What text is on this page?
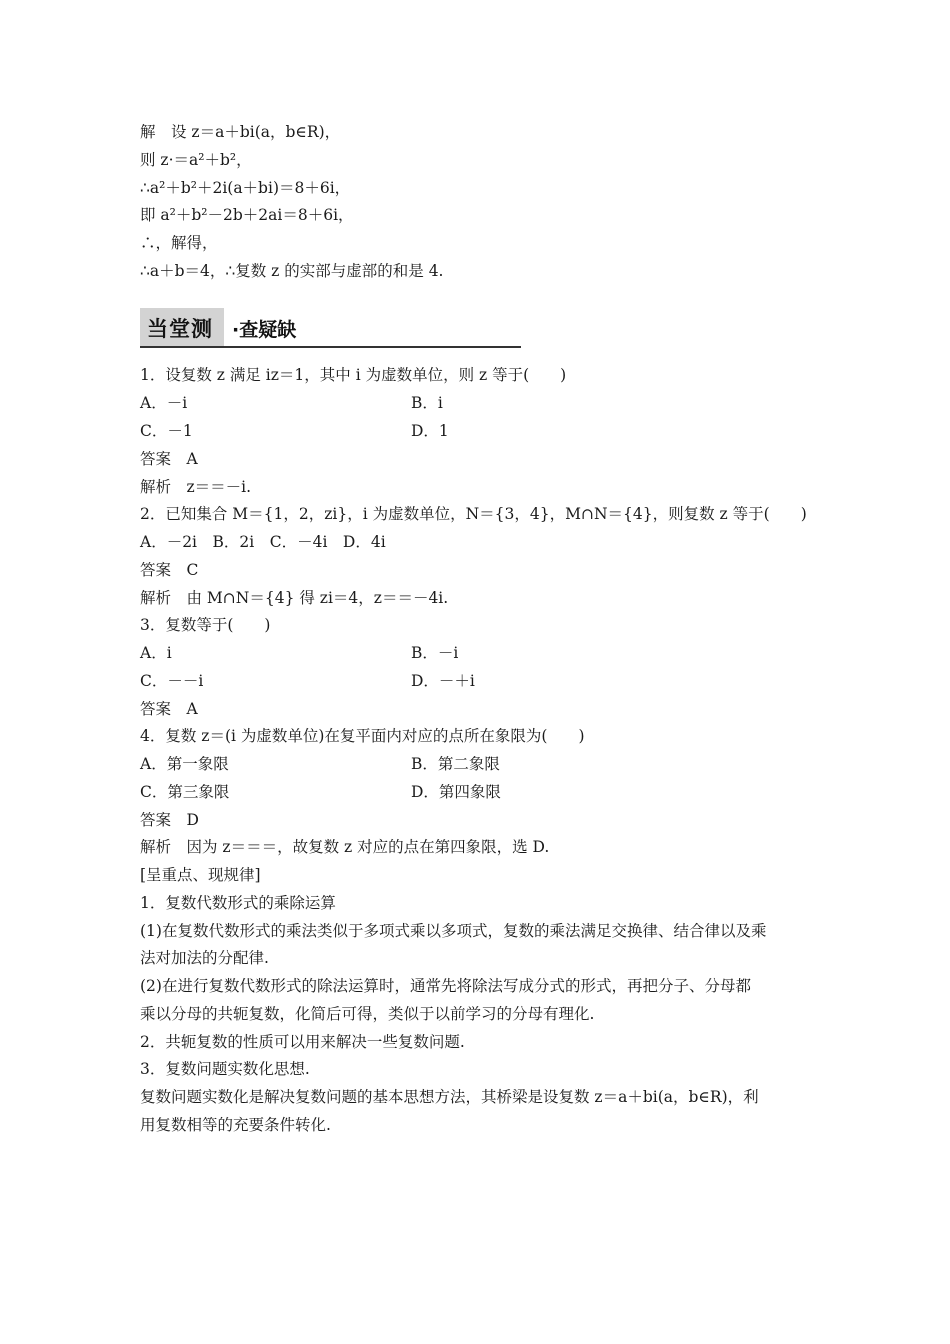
解　设 z＝a＋bi(a，b∈R)，
则 z·＝a²＋b²，
∴a²＋b²＋2i(a＋bi)＝8＋6i，
即 a²＋b²－2b＋2ai＝8＋6i，
∴，解得，
∴a＋b＝4，∴复数 z 的实部与虚部的和是 4.
当堂测 ·查疑缺
1．设复数 z 满足 iz＝1，其中 i 为虚数单位，则 z 等于(　　)
A．－i	B．i
C．－1	D．1
答案　A
解析　z＝＝－i.
2．已知集合 M＝{1，2，zi}，i 为虚数单位，N＝{3，4}，M∩N＝{4}，则复数 z 等于(　　)
A．－2i　B．2i　C．－4i　D．4i
答案　C
解析　由 M∩N＝{4} 得 zi＝4，z＝＝－4i.
3．复数等于(　　)
A．i	B．－i
C．－－i	D．－＋i
答案　A
4．复数 z＝(i 为虚数单位)在复平面内对应的点所在象限为(　　)
A．第一象限	B．第二象限
C．第三象限	D．第四象限
答案　D
解析　因为 z＝＝＝，故复数 z 对应的点在第四象限，选 D.
[呈重点、现规律]
1．复数代数形式的乘除运算
(1)在复数代数形式的乘法类似于多项式乘以多项式，复数的乘法满足交换律、结合律以及乘
法对加法的分配律.
(2)在进行复数代数形式的除法运算时，通常先将除法写成分式的形式，再把分子、分母都
乘以分母的共轭复数，化简后可得，类似于以前学习的分母有理化.
2．共轭复数的性质可以用来解决一些复数问题.
3．复数问题实数化思想.
复数问题实数化是解决复数问题的基本思想方法，其桥梁是设复数 z＝a＋bi(a，b∈R)，利
用复数相等的充要条件转化.
